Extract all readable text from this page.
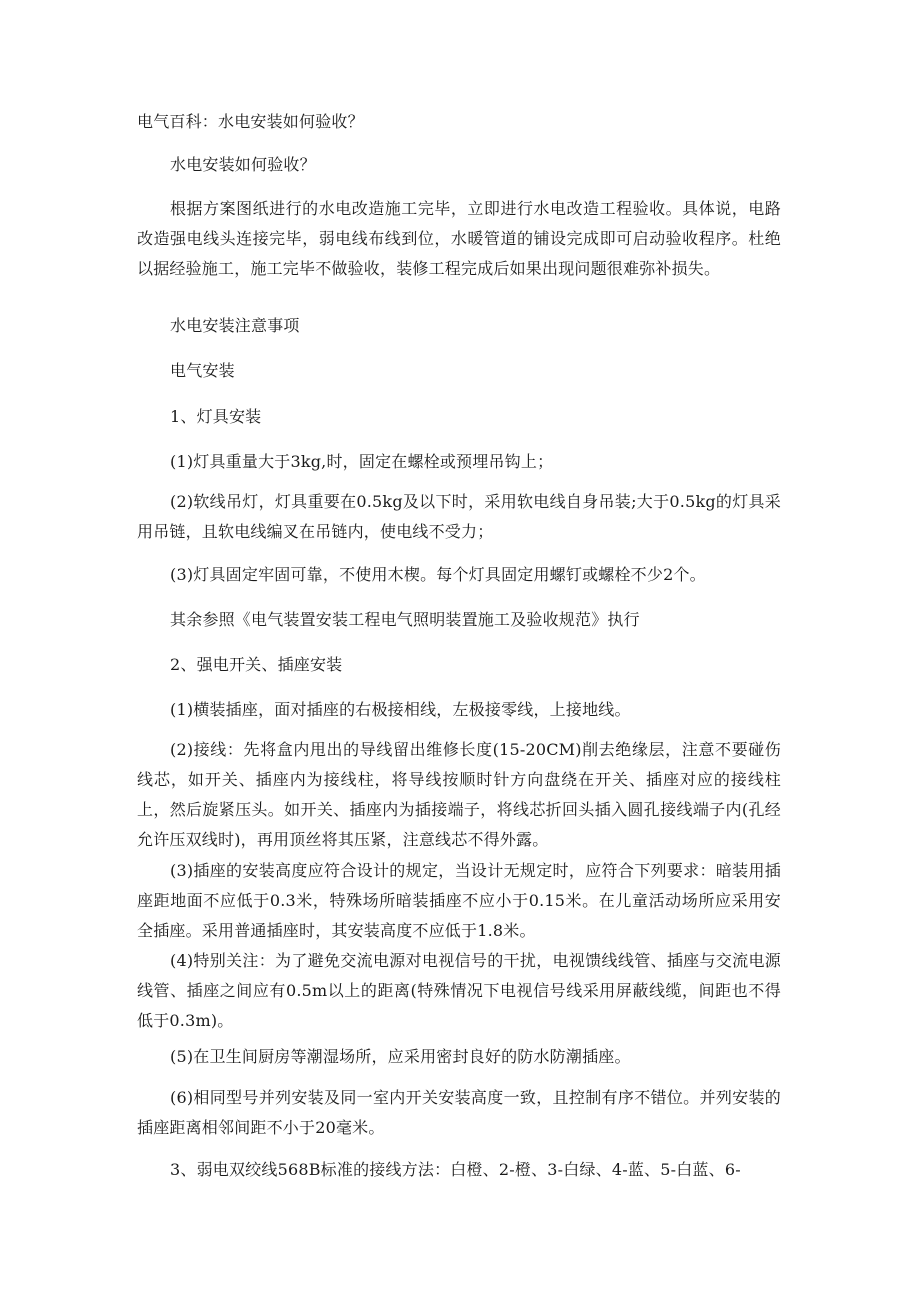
电气百科：水电安装如何验收？
水电安装如何验收？
根据方案图纸进行的水电改造施工完毕，立即进行水电改造工程验收。具体说，电路改造强电线头连接完毕，弱电线布线到位，水暖管道的铺设完成即可启动验收程序。杜绝以据经验施工，施工完毕不做验收，装修工程完成后如果出现问题很难弥补损失。
水电安装注意事项
电气安装
1、灯具安装
(1)灯具重量大于3kg,时，固定在螺栓或预埋吊钩上；
(2)软线吊灯，灯具重要在0.5kg及以下时，采用软电线自身吊装;大于0.5kg的灯具采用吊链，且软电线编叉在吊链内，使电线不受力；
(3)灯具固定牢固可靠，不使用木楔。每个灯具固定用螺钉或螺栓不少2个。
其余参照《电气装置安装工程电气照明装置施工及验收规范》执行
2、强电开关、插座安装
(1)横装插座，面对插座的右极接相线，左极接零线，上接地线。
(2)接线：先将盒内甩出的导线留出维修长度(15-20CM)削去绝缘层，注意不要碰伤线芯，如开关、插座内为接线柱，将导线按顺时针方向盘绕在开关、插座对应的接线柱上，然后旋紧压头。如开关、插座内为插接端子，将线芯折回头插入圆孔接线端子内(孔经允许压双线时)，再用顶丝将其压紧，注意线芯不得外露。
(3)插座的安装高度应符合设计的规定，当设计无规定时，应符合下列要求：暗装用插座距地面不应低于0.3米，特殊场所暗装插座不应小于0.15米。在儿童活动场所应采用安全插座。采用普通插座时，其安装高度不应低于1.8米。
(4)特别关注：为了避免交流电源对电视信号的干扰，电视馈线线管、插座与交流电源线管、插座之间应有0.5m以上的距离(特殊情况下电视信号线采用屏蔽线缆，间距也不得低于0.3m)。
(5)在卫生间厨房等潮湿场所，应采用密封良好的防水防潮插座。
(6)相同型号并列安装及同一室内开关安装高度一致，且控制有序不错位。并列安装的插座距离相邻间距不小于20毫米。
3、弱电双绞线568B标准的接线方法：白橙、2-橙、3-白绿、4-蓝、5-白蓝、6-
